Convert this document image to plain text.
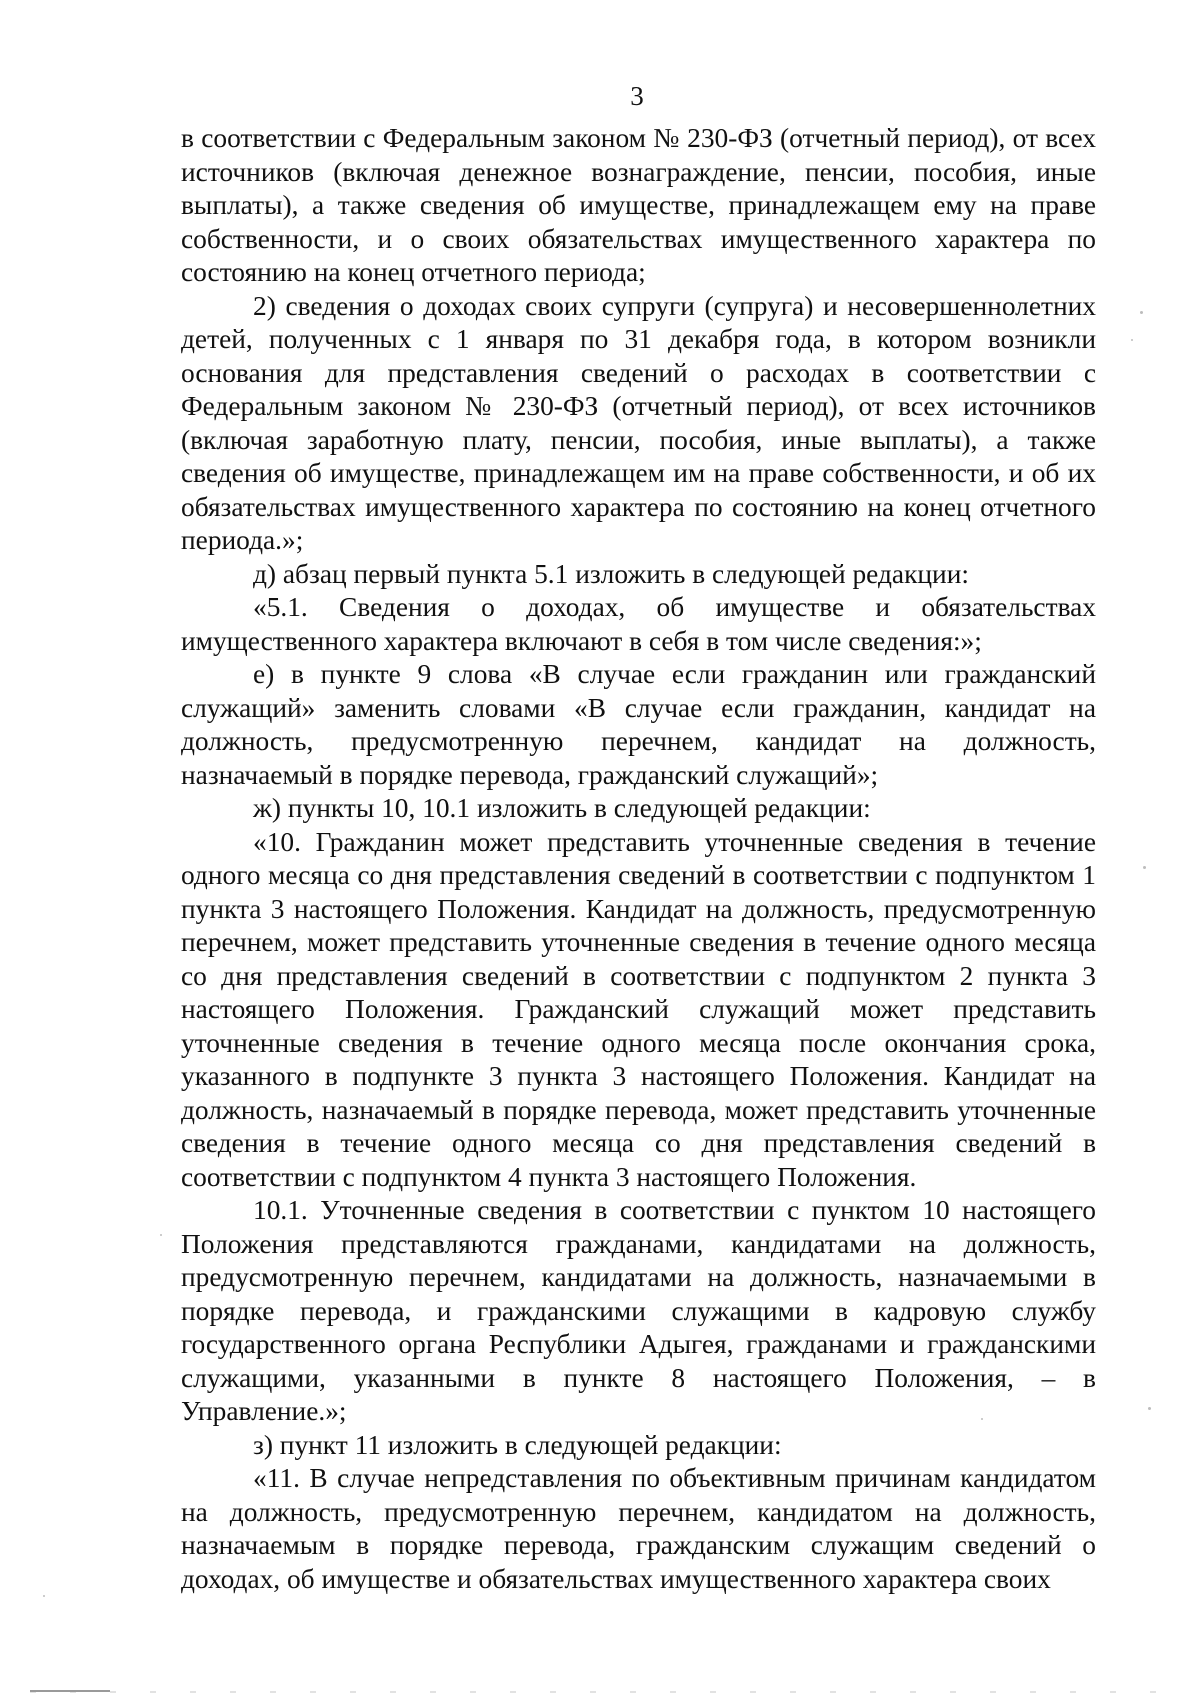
3

в соответствии с Федеральным законом № 230-ФЗ (отчетный период), от всех источников (включая денежное вознаграждение, пенсии, пособия, иные выплаты), а также сведения об имуществе, принадлежащем ему на праве собственности, и о своих обязательствах имущественного характера по состоянию на конец отчетного периода;

2) сведения о доходах своих супруги (супруга) и несовершеннолетних детей, полученных с 1 января по 31 декабря года, в котором возникли основания для представления сведений о расходах в соответствии с Федеральным законом № 230-ФЗ (отчетный период), от всех источников (включая заработную плату, пенсии, пособия, иные выплаты), а также сведения об имуществе, принадлежащем им на праве собственности, и об их обязательствах имущественного характера по состоянию на конец отчетного периода.»;

д) абзац первый пункта 5.1 изложить в следующей редакции:

«5.1. Сведения о доходах, об имуществе и обязательствах имущественного характера включают в себя в том числе сведения:»;

е) в пункте 9 слова «В случае если гражданин или гражданский служащий» заменить словами «В случае если гражданин, кандидат на должность, предусмотренную перечнем, кандидат на должность, назначаемый в порядке перевода, гражданский служащий»;

ж) пункты 10, 10.1 изложить в следующей редакции:

«10. Гражданин может представить уточненные сведения в течение одного месяца со дня представления сведений в соответствии с подпунктом 1 пункта 3 настоящего Положения. Кандидат на должность, предусмотренную перечнем, может представить уточненные сведения в течение одного месяца со дня представления сведений в соответствии с подпунктом 2 пункта 3 настоящего Положения. Гражданский служащий может представить уточненные сведения в течение одного месяца после окончания срока, указанного в подпункте 3 пункта 3 настоящего Положения. Кандидат на должность, назначаемый в порядке перевода, может представить уточненные сведения в течение одного месяца со дня представления сведений в соответствии с подпунктом 4 пункта 3 настоящего Положения.

10.1. Уточненные сведения в соответствии с пунктом 10 настоящего Положения представляются гражданами, кандидатами на должность, предусмотренную перечнем, кандидатами на должность, назначаемыми в порядке перевода, и гражданскими служащими в кадровую службу государственного органа Республики Адыгея, гражданами и гражданскими служащими, указанными в пункте 8 настоящего Положения, – в Управление.»;

з) пункт 11 изложить в следующей редакции:

«11. В случае непредставления по объективным причинам кандидатом на должность, предусмотренную перечнем, кандидатом на должность, назначаемым в порядке перевода, гражданским служащим сведений о доходах, об имуществе и обязательствах имущественного характера своих
